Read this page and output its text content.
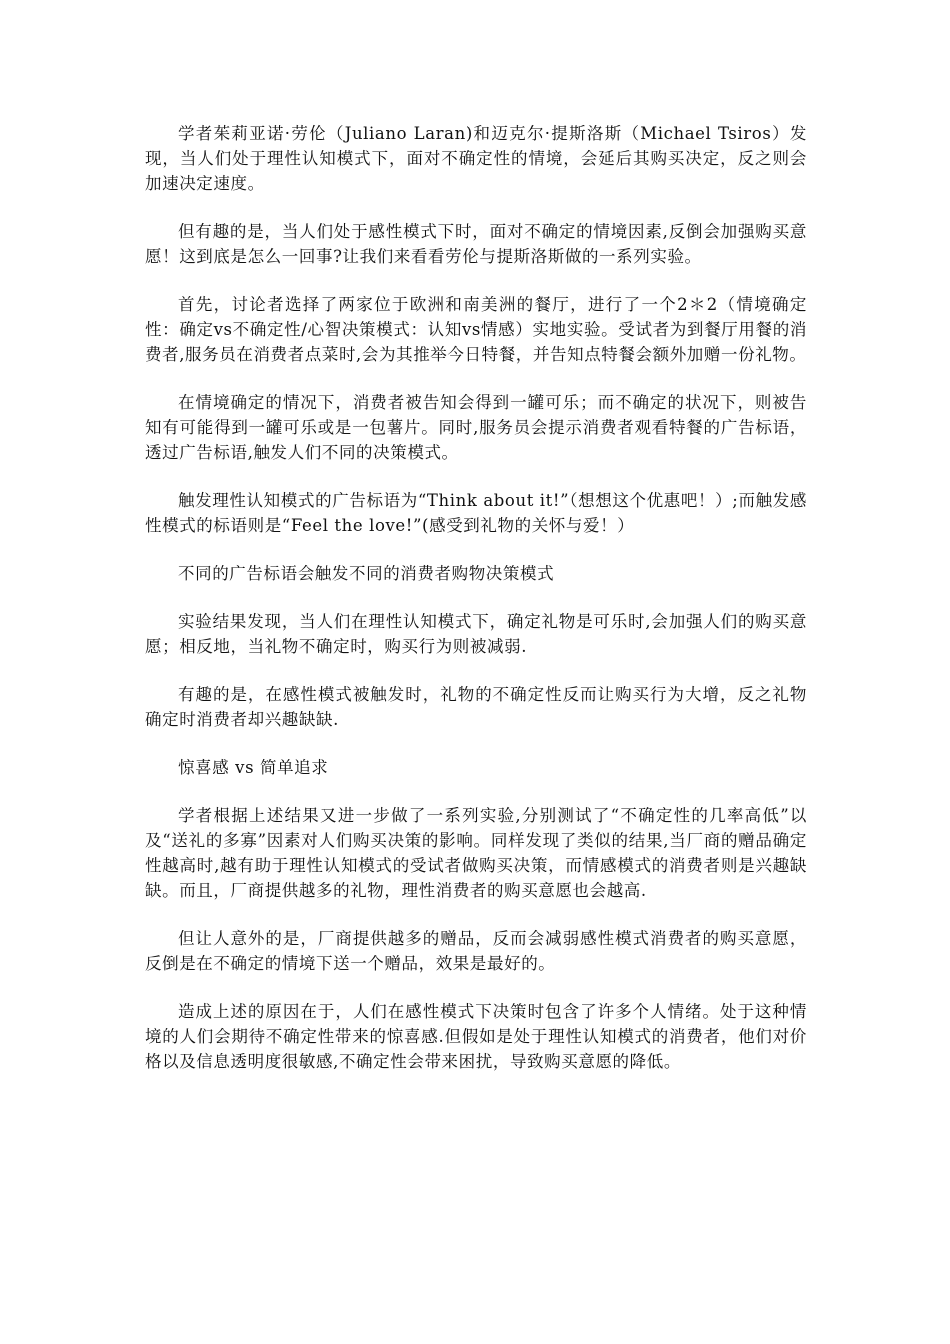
学者茱莉亚诺·劳伦（Juliano Laran)和迈克尔·提斯洛斯（Michael Tsiros）发现，当人们处于理性认知模式下，面对不确定性的情境，会延后其购买决定，反之则会加速决定速度。

但有趣的是，当人们处于感性模式下时，面对不确定的情境因素,反倒会加强购买意愿！这到底是怎么一回事?让我们来看看劳伦与提斯洛斯做的一系列实验。

首先，讨论者选择了两家位于欧洲和南美洲的餐厅，进行了一个2＊2（情境确定性：确定vs不确定性/心智决策模式：认知vs情感）实地实验。受试者为到餐厅用餐的消费者,服务员在消费者点菜时,会为其推举今日特餐，并告知点特餐会额外加赠一份礼物。

在情境确定的情况下，消费者被告知会得到一罐可乐；而不确定的状况下，则被告知有可能得到一罐可乐或是一包薯片。同时,服务员会提示消费者观看特餐的广告标语，透过广告标语,触发人们不同的决策模式。

触发理性认知模式的广告标语为“Think about it!”（想想这个优惠吧！）;而触发感性模式的标语则是“Feel the love!”(感受到礼物的关怀与爱！）

不同的广告标语会触发不同的消费者购物决策模式

实验结果发现，当人们在理性认知模式下，确定礼物是可乐时,会加强人们的购买意愿；相反地，当礼物不确定时，购买行为则被减弱.

有趣的是，在感性模式被触发时，礼物的不确定性反而让购买行为大增，反之礼物确定时消费者却兴趣缺缺.

惊喜感 vs 简单追求

学者根据上述结果又进一步做了一系列实验,分别测试了“不确定性的几率高低”以及“送礼的多寡”因素对人们购买决策的影响。同样发现了类似的结果,当厂商的赠品确定性越高时,越有助于理性认知模式的受试者做购买决策，而情感模式的消费者则是兴趣缺缺。而且，厂商提供越多的礼物，理性消费者的购买意愿也会越高.

但让人意外的是，厂商提供越多的赠品，反而会减弱感性模式消费者的购买意愿，反倒是在不确定的情境下送一个赠品，效果是最好的。

造成上述的原因在于，人们在感性模式下决策时包含了许多个人情绪。处于这种情境的人们会期待不确定性带来的惊喜感.但假如是处于理性认知模式的消费者，他们对价格以及信息透明度很敏感,不确定性会带来困扰，导致购买意愿的降低。
